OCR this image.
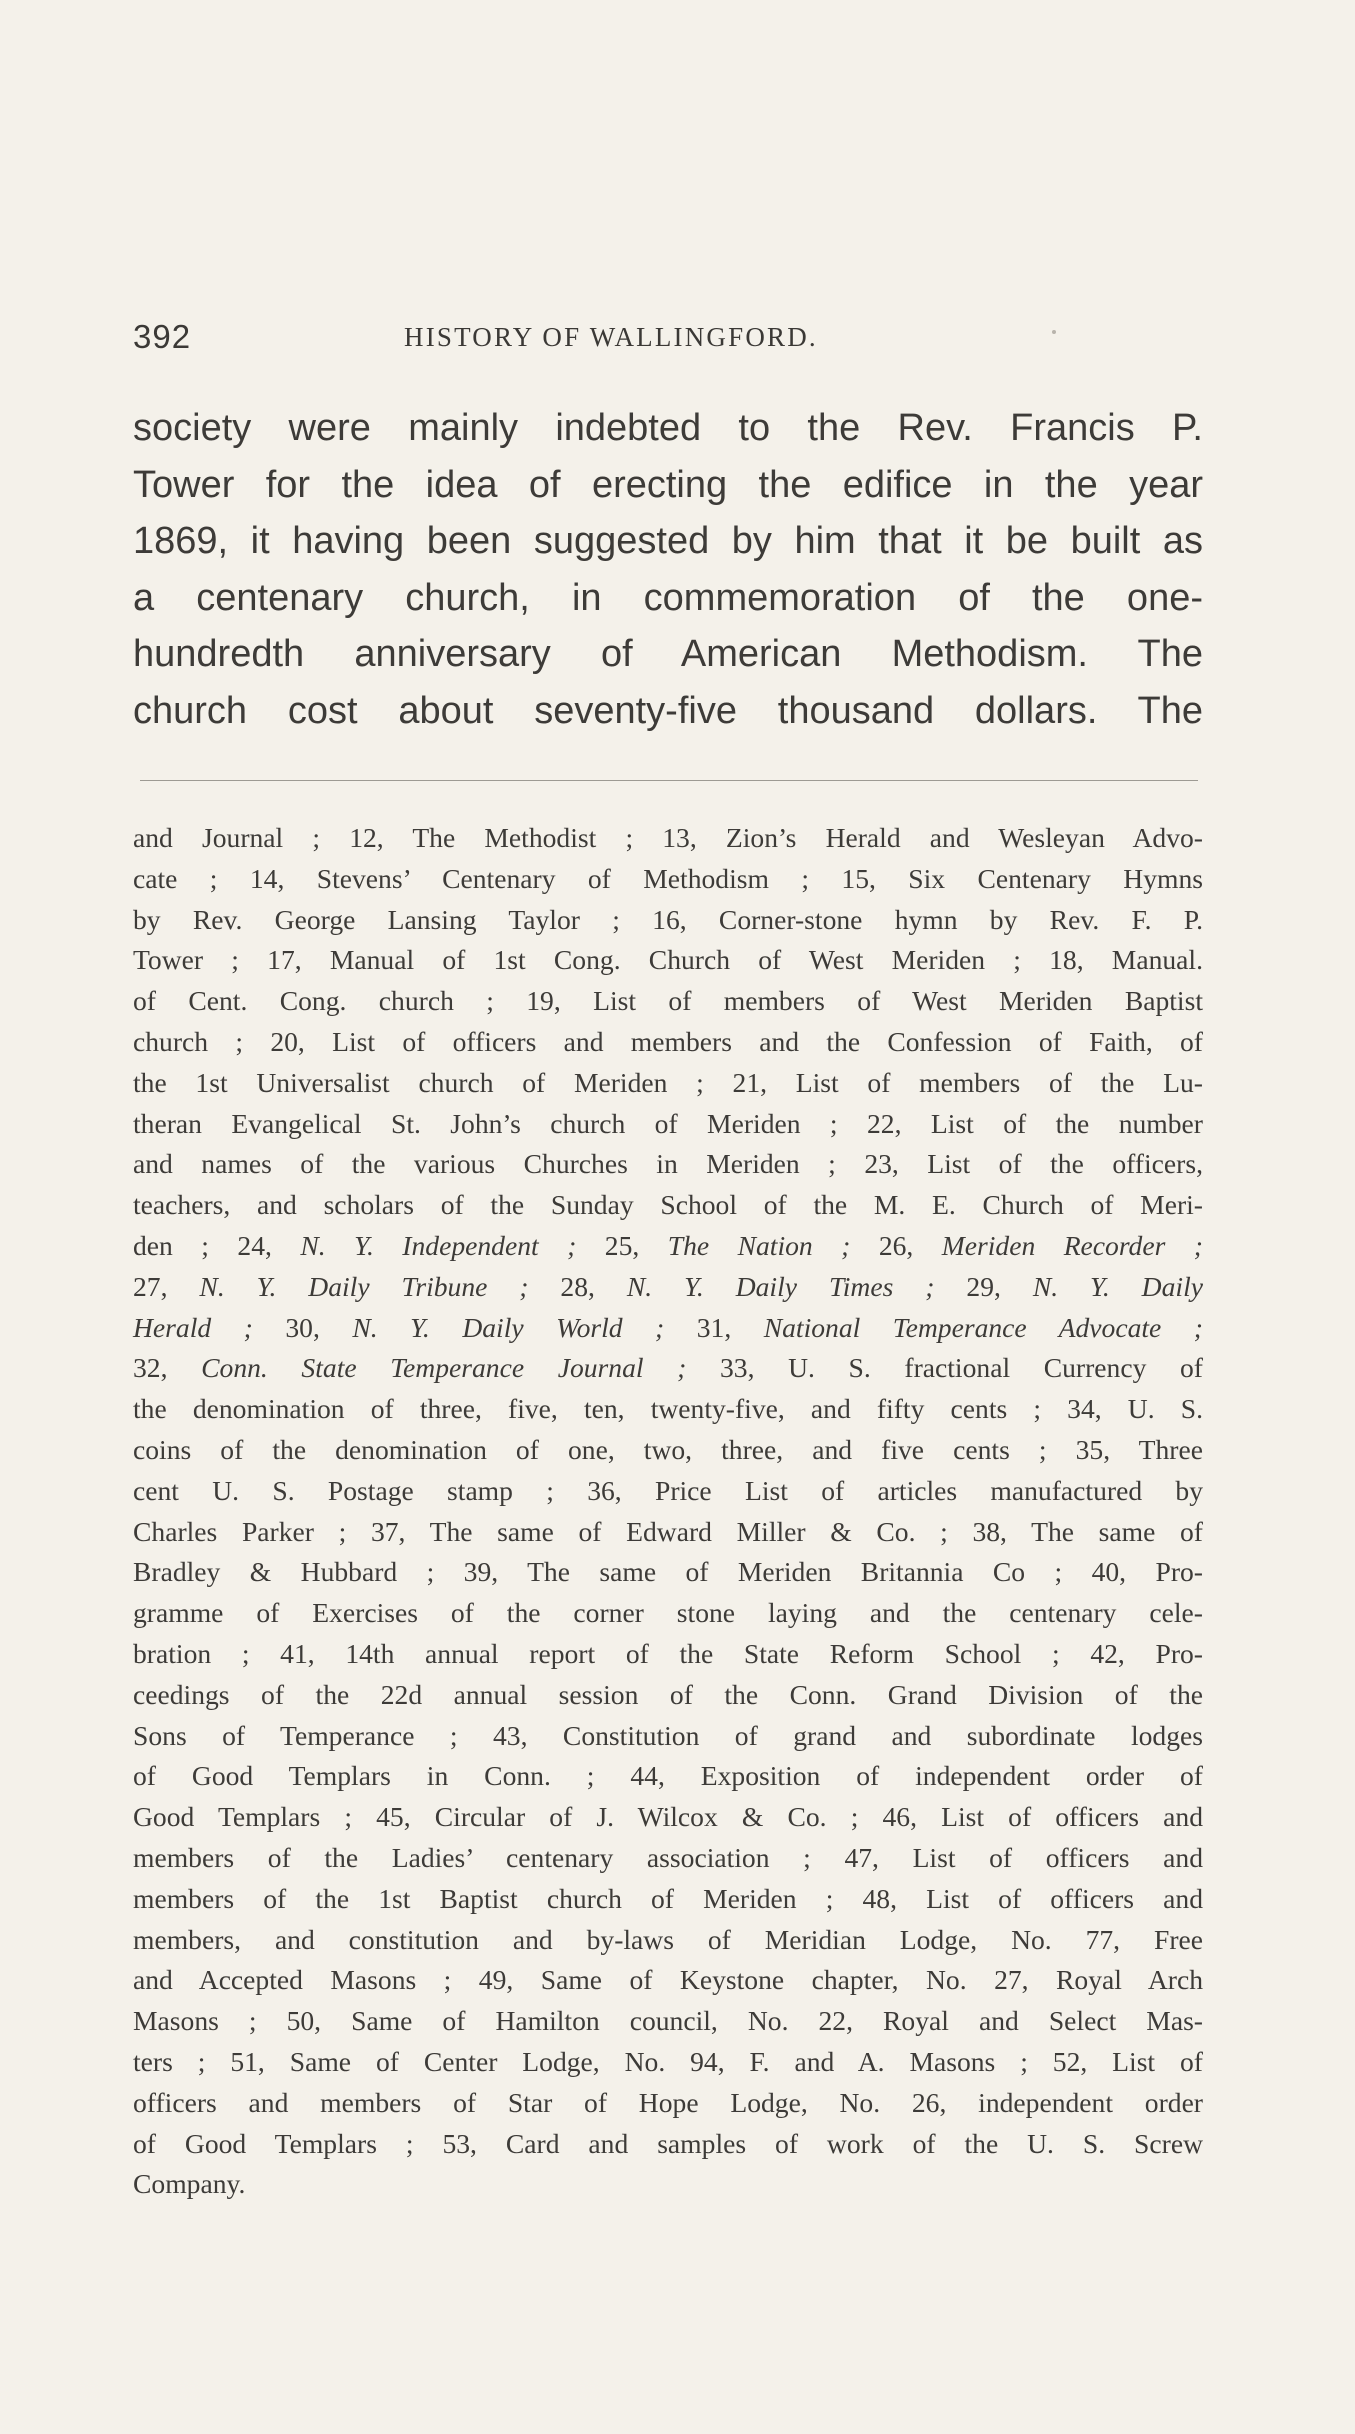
392	HISTORY OF WALLINGFORD.
society were mainly indebted to the Rev. Francis P.
Tower for the idea of erecting the edifice in the year
1869, it having been suggested by him that it be built as
a centenary church, in commemoration of the one-
hundredth anniversary of American Methodism. The
church cost about seventy-five thousand dollars. The
and Journal ; 12, The Methodist ; 13, Zion’s Herald and Wesleyan Advo-
cate ; 14, Stevens’ Centenary of Methodism ; 15, Six Centenary Hymns
by Rev. George Lansing Taylor ; 16, Corner-stone hymn by Rev. F. P.
Tower ; 17, Manual of 1st Cong. Church of West Meriden ; 18, Manual.
of Cent. Cong. church ; 19, List of members of West Meriden Baptist
church ; 20, List of officers and members and the Confession of Faith, of
the 1st Universalist church of Meriden ; 21, List of members of the Lu-
theran Evangelical St. John’s church of Meriden ; 22, List of the number
and names of the various Churches in Meriden ; 23, List of the officers,
teachers, and scholars of the Sunday School of the M. E. Church of Meri-
den ; 24, N. Y. Independent ; 25, The Nation ; 26, Meriden Recorder ;
27, N. Y. Daily Tribune ; 28, N. Y. Daily Times ; 29, N. Y. Daily
Herald ; 30, N. Y. Daily World ; 31, National Temperance Advocate ;
32, Conn. State Temperance Journal ; 33, U. S. fractional Currency of
the denomination of three, five, ten, twenty-five, and fifty cents ; 34, U. S.
coins of the denomination of one, two, three, and five cents ; 35, Three
cent U. S. Postage stamp ; 36, Price List of articles manufactured by
Charles Parker ; 37, The same of Edward Miller & Co. ; 38, The same of
Bradley & Hubbard ; 39, The same of Meriden Britannia Co ; 40, Pro-
gramme of Exercises of the corner stone laying and the centenary cele-
bration ; 41, 14th annual report of the State Reform School ; 42, Pro-
ceedings of the 22d annual session of the Conn. Grand Division of the
Sons of Temperance ; 43, Constitution of grand and subordinate lodges
of Good Templars in Conn. ; 44, Exposition of independent order of
Good Templars ; 45, Circular of J. Wilcox & Co. ; 46, List of officers and
members of the Ladies’ centenary association ; 47, List of officers and
members of the 1st Baptist church of Meriden ; 48, List of officers and
members, and constitution and by-laws of Meridian Lodge, No. 77, Free
and Accepted Masons ; 49, Same of Keystone chapter, No. 27, Royal Arch
Masons ; 50, Same of Hamilton council, No. 22, Royal and Select Mas-
ters ; 51, Same of Center Lodge, No. 94, F. and A. Masons ; 52, List of
officers and members of Star of Hope Lodge, No. 26, independent order
of Good Templars ; 53, Card and samples of work of the U. S. Screw
Company.
